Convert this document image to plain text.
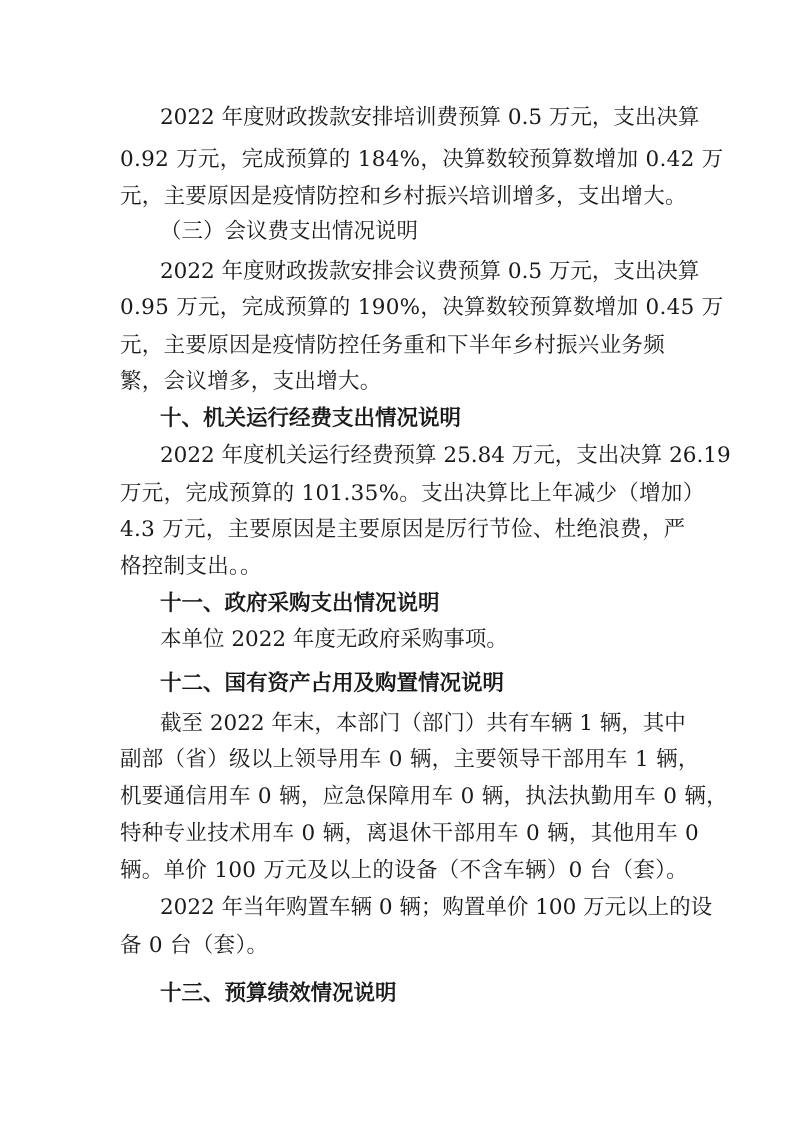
2022 年度财政拨款安排培训费预算 0.5 万元，支出决算
0.92 万元，完成预算的 184%，决算数较预算数增加 0.42 万
元，主要原因是疫情防控和乡村振兴培训增多，支出增大。
（三）会议费支出情况说明
2022 年度财政拨款安排会议费预算 0.5 万元，支出决算
0.95 万元，完成预算的 190%，决算数较预算数增加 0.45 万
元，主要原因是疫情防控任务重和下半年乡村振兴业务频
繁，会议增多，支出增大。
十、机关运行经费支出情况说明
2022 年度机关运行经费预算 25.84 万元，支出决算 26.19
万元，完成预算的 101.35%。支出决算比上年减少（增加）
4.3 万元，主要原因是主要原因是厉行节俭、杜绝浪费，严
格控制支出。。
十一、政府采购支出情况说明
本单位 2022 年度无政府采购事项。
十二、国有资产占用及购置情况说明
截至 2022 年末，本部门（部门）共有车辆 1 辆，其中
副部（省）级以上领导用车 0 辆，主要领导干部用车 1 辆，
机要通信用车 0 辆，应急保障用车 0 辆，执法执勤用车 0 辆，
特种专业技术用车 0 辆，离退休干部用车 0 辆，其他用车 0
辆。单价 100 万元及以上的设备（不含车辆）0 台（套）。
2022 年当年购置车辆 0 辆；购置单价 100 万元以上的设
备 0 台（套）。
十三、预算绩效情况说明
